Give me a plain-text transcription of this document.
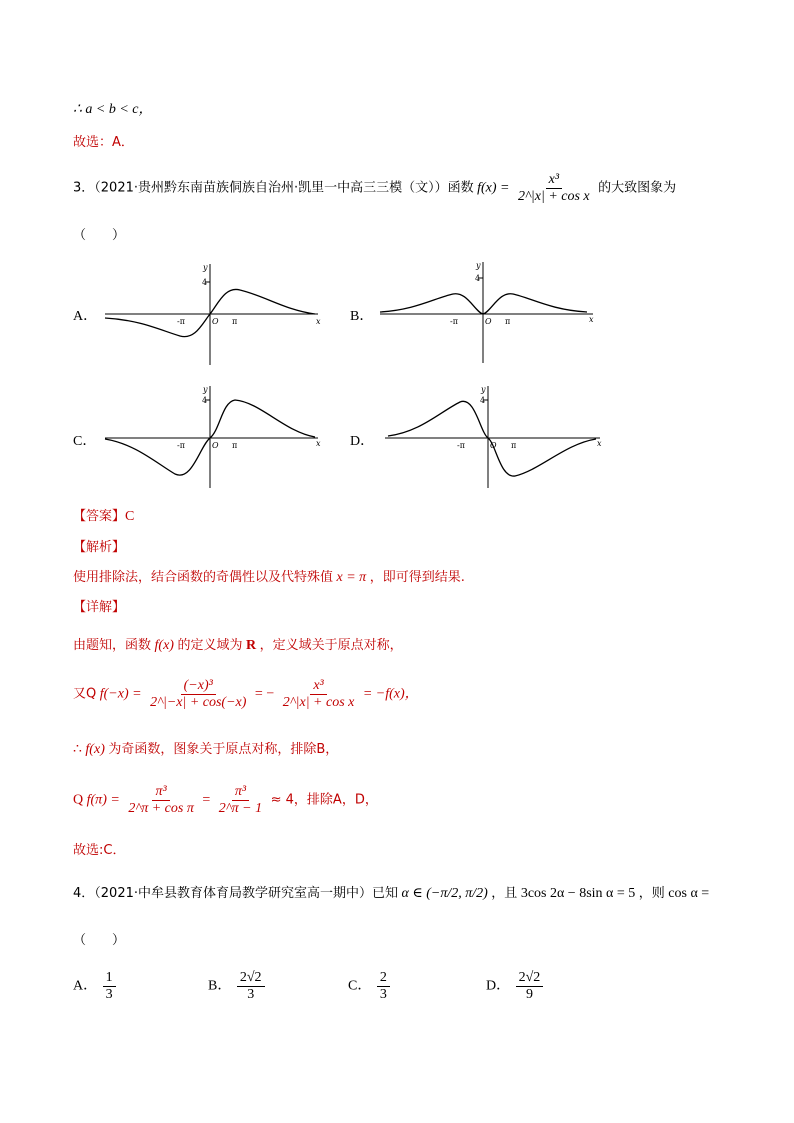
∴ a < b < c，
故选：A．
3．（2021·贵州黔东南苗族侗族自治州·凯里一中高三三模（文））函数 $f(x) = \frac{\text{x³}}{\text{2\textasciicircum{}|x| + cos x}}$ 的大致图象为
（　　）
A．	B．
C．	D．
y
x
O
4
π
-π
y
x
O
4
π
-π
y
x
O
4
π
-π
y
x
O
4
π
-π
【答案】C
【解析】
使用排除法，结合函数的奇偶性以及代特殊值 x = π ，即可得到结果.
【详解】
由题知，函数 f(x) 的定义域为 R ，定义域关于原点对称，
又Q $f(-x) = \frac{\text{(−x)³}}{2\^{}|-x| + \cos(-x)}$ = − $\frac{\text{x³}}{\text{2\textasciicircum{}|x| + cos x}} = -f(x)$，
∴ f(x) 为奇函数，图象关于原点对称，排除B，
Q $f(\pi) = \frac{\text{π³}}{\text{2\textasciicircum{}π + cos π}} = \frac{\text{π³}}{2\^{}\pi - 1} \approx 4$，排除A，D，
故选:C．
4．（2021·中牟县教育体育局教学研究室高一期中）已知 α ∈ (−π/2, π/2) ，且 3cos 2α − 8sin α = 5 ，则 cos α =
（　　）
A． $\frac{1}{3}$	B． $\frac{2√2}{3}$	C． $\frac{2}{3}$	D． $\frac{2√2}{9}$
